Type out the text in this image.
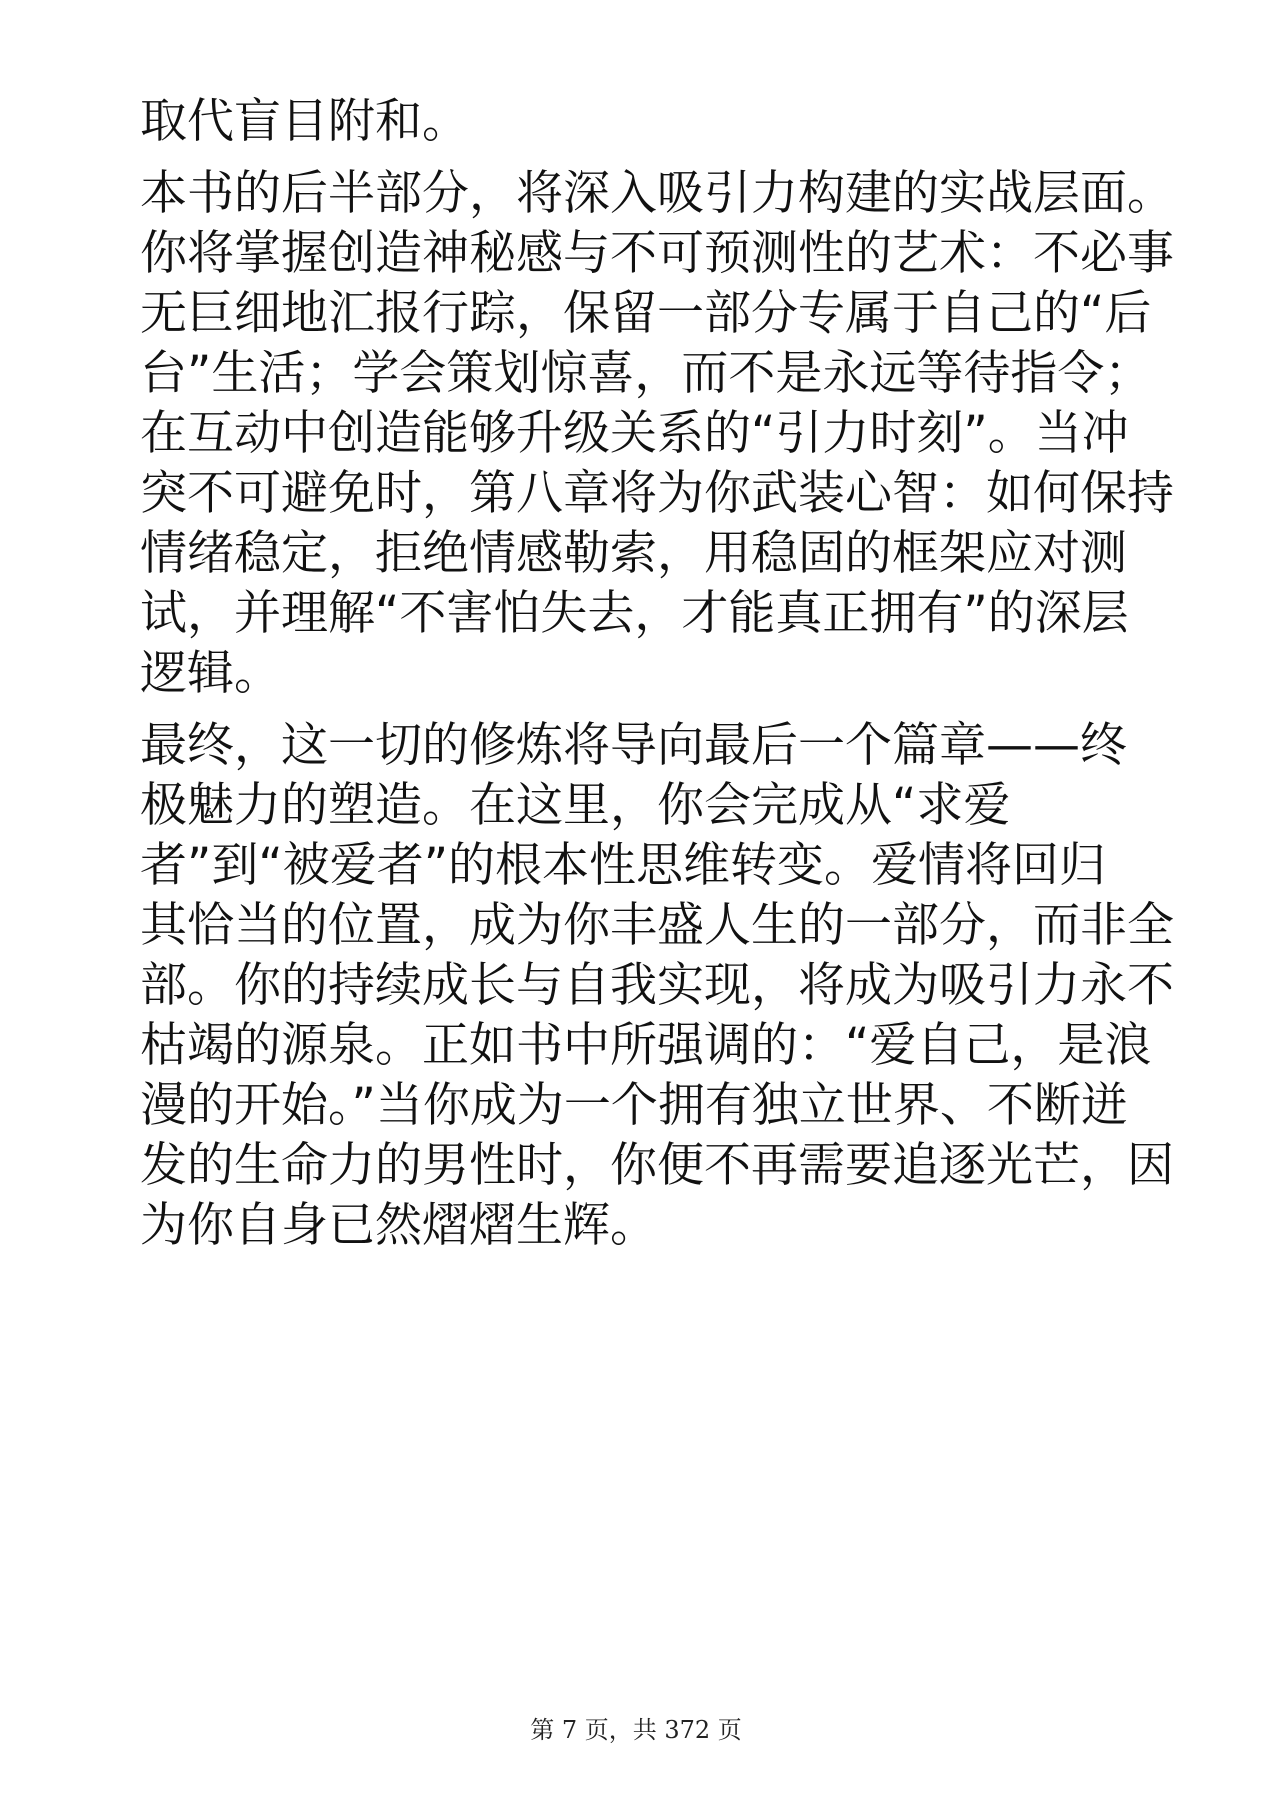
取代盲目附和。
本书的后半部分，将深入吸引力构建的实战层面。
你将掌握创造神秘感与不可预测性的艺术：不必事
无巨细地汇报行踪，保留一部分专属于自己的“后
台”生活；学会策划惊喜，而不是永远等待指令；
在互动中创造能够升级关系的“引力时刻”。当冲
突不可避免时，第八章将为你武装心智：如何保持
情绪稳定，拒绝情感勒索，用稳固的框架应对测
试，并理解“不害怕失去，才能真正拥有”的深层
逻辑。
最终，这一切的修炼将导向最后一个篇章——终
极魅力的塑造。在这里，你会完成从“求爱
者”到“被爱者”的根本性思维转变。爱情将回归
其恰当的位置，成为你丰盛人生的一部分，而非全
部。你的持续成长与自我实现，将成为吸引力永不
枯竭的源泉。正如书中所强调的：“爱自己，是浪
漫的开始。”当你成为一个拥有独立世界、不断迸
发的生命力的男性时，你便不再需要追逐光芒，因
为你自身已然熠熠生辉。
第 7 页，共 372 页
